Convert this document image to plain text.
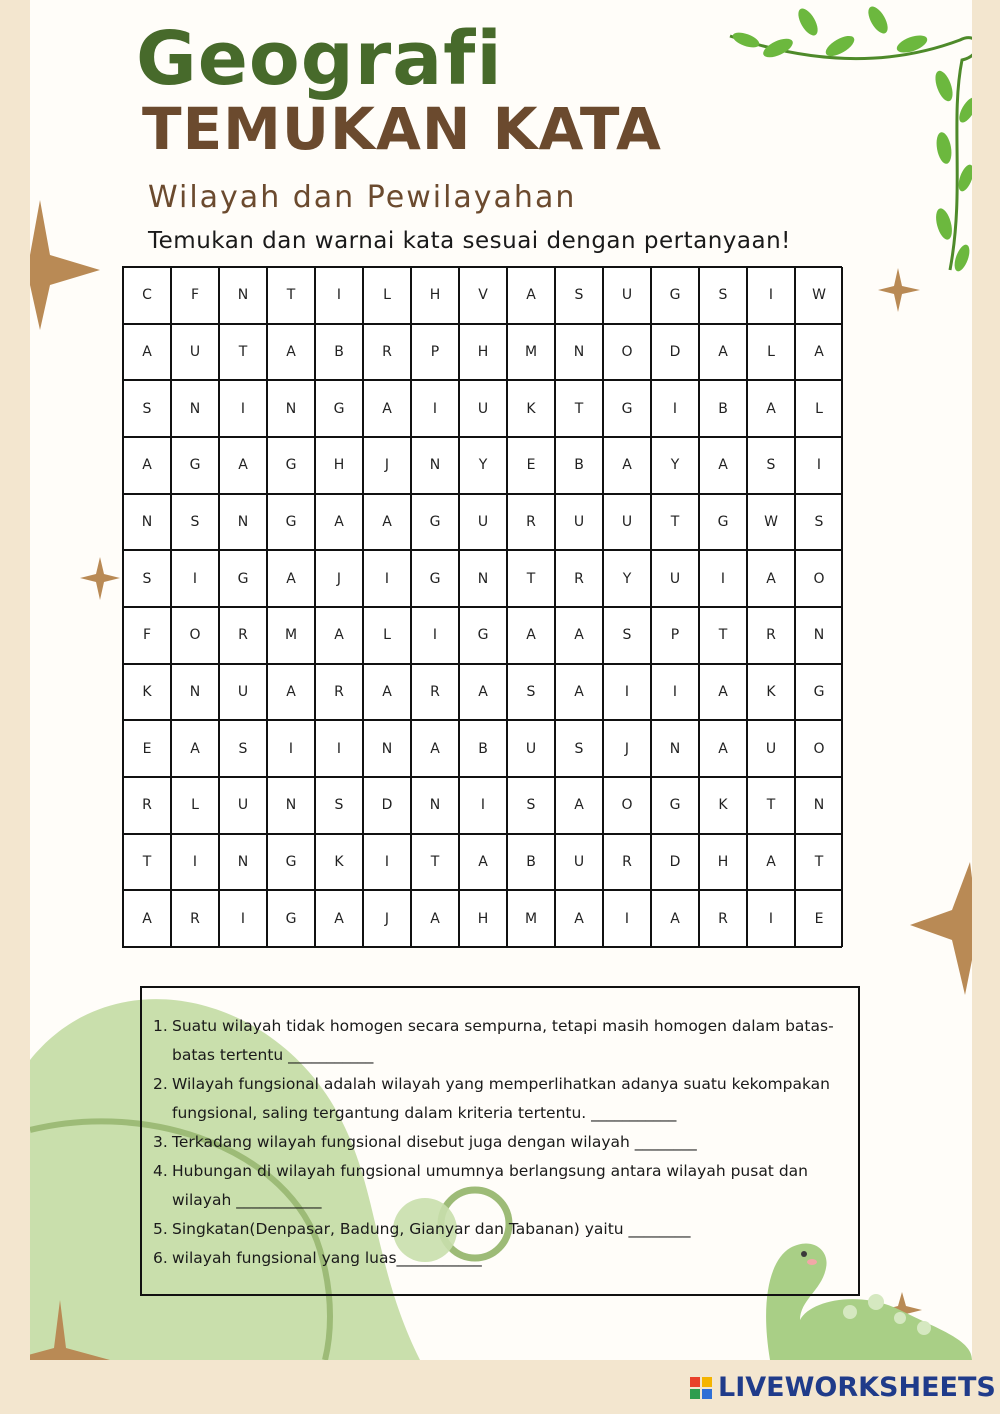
Geografi
TEMUKAN KATA
Wilayah dan Pewilayahan
Temukan dan warnai kata sesuai dengan pertanyaan!
C	F	N	T	I	L	H	V	A	S	U	G	S	I	W
A	U	T	A	B	R	P	H	M	N	O	D	A	L	A
S	N	I	N	G	A	I	U	K	T	G	I	B	A	L
A	G	A	G	H	J	N	Y	E	B	A	Y	A	S	I
N	S	N	G	A	A	G	U	R	U	U	T	G	W	S
S	I	G	A	J	I	G	N	T	R	Y	U	I	A	O
F	O	R	M	A	L	I	G	A	A	S	P	T	R	N
K	N	U	A	R	A	R	A	S	A	I	I	A	K	G
E	A	S	I	I	N	A	B	U	S	J	N	A	U	O
R	L	U	N	S	D	N	I	S	A	O	G	K	T	N
T	I	N	G	K	I	T	A	B	U	R	D	H	A	T
A	R	I	G	A	J	A	H	M	A	I	A	R	I	E
1. Suatu wilayah tidak homogen secara sempurna, tetapi masih homogen dalam batas-
batas tertentu ___________
2. Wilayah fungsional adalah wilayah yang memperlihatkan adanya suatu kekompakan
fungsional, saling tergantung dalam kriteria tertentu. ___________
3. Terkadang wilayah fungsional disebut juga dengan wilayah ________
4. Hubungan di wilayah fungsional umumnya berlangsung antara wilayah pusat dan
wilayah ___________
5. Singkatan(Denpasar, Badung, Gianyar dan Tabanan) yaitu ________
6. wilayah fungsional yang luas___________
LIVEWORKSHEETS
